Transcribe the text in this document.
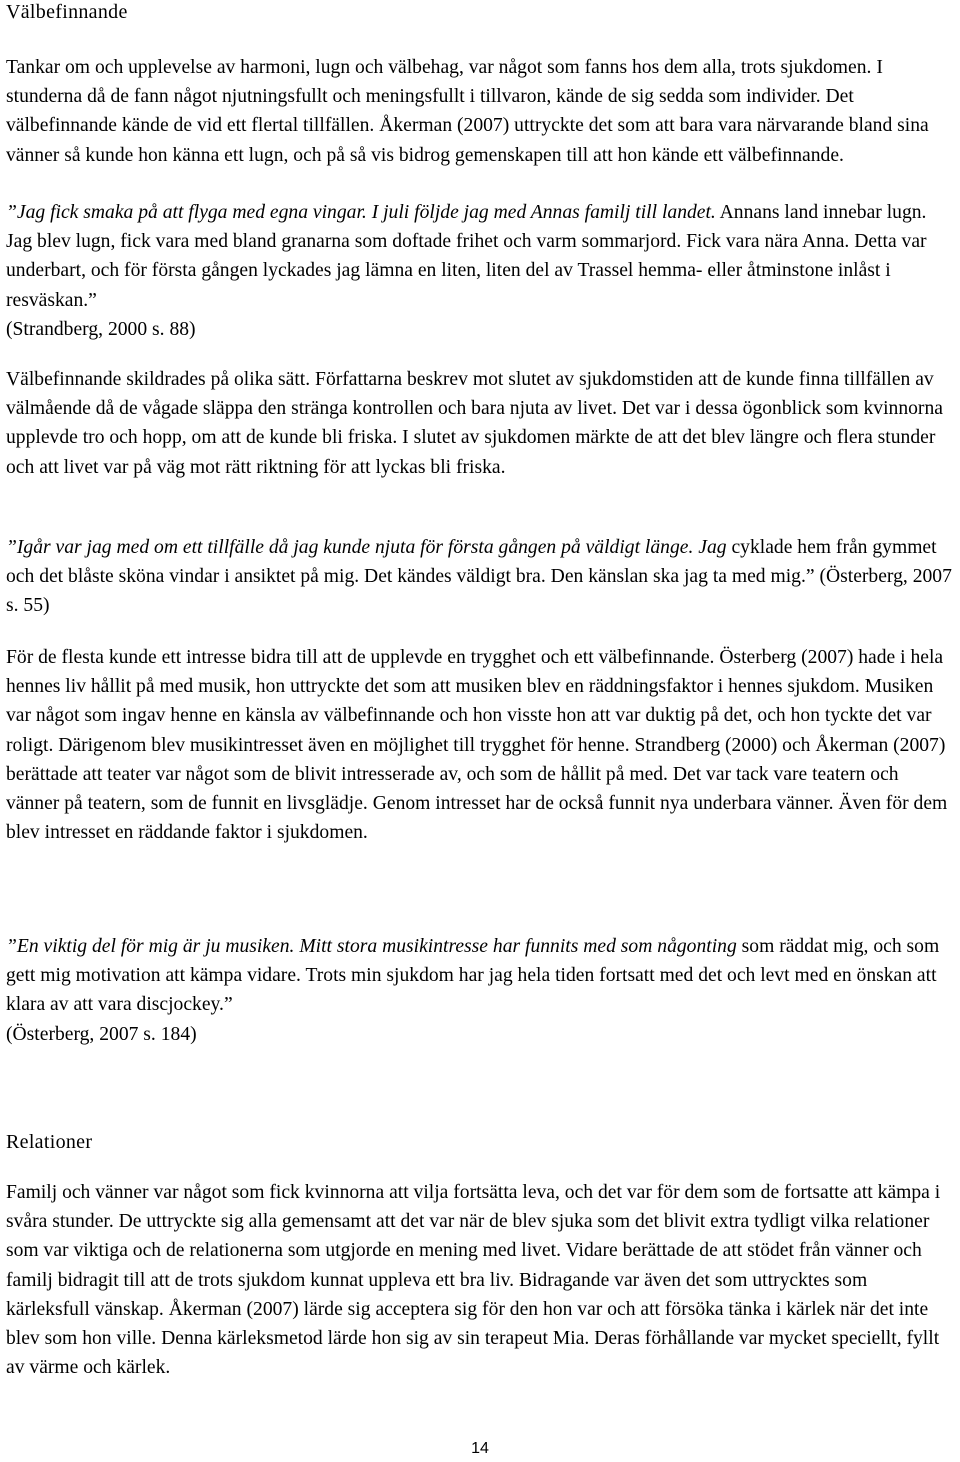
Välbefinnande

Tankar om och upplevelse av harmoni, lugn och välbehag, var något som fanns hos dem alla, trots sjukdomen. I stunderna då de fann något njutningsfullt och meningsfullt i tillvaron, kände de sig sedda som individer. Det välbefinnande kände de vid ett flertal tillfällen. Åkerman (2007) uttryckte det som att bara vara närvarande bland sina vänner så kunde hon känna ett lugn, och på så vis bidrog gemenskapen till att hon kände ett välbefinnande.

”Jag fick smaka på att flyga med egna vingar. I juli följde jag med Annas familj till landet. Annans land innebar lugn. Jag blev lugn, fick vara med bland granarna som doftade frihet och varm sommarjord. Fick vara nära Anna. Detta var underbart, och för första gången lyckades jag lämna en liten, liten del av Trassel hemma- eller åtminstone inlåst i resväskan.”
(Strandberg, 2000 s. 88)

Välbefinnande skildrades på olika sätt. Författarna beskrev mot slutet av sjukdomstiden att de kunde finna tillfällen av välmående då de vågade släppa den stränga kontrollen och bara njuta av livet. Det var i dessa ögonblick som kvinnorna upplevde tro och hopp, om att de kunde bli friska. I slutet av sjukdomen märkte de att det blev längre och flera stunder och att livet var på väg mot rätt riktning för att lyckas bli friska.

”Igår var jag med om ett tillfälle då jag kunde njuta för första gången på väldigt länge. Jag cyklade hem från gymmet och det blåste sköna vindar i ansiktet på mig. Det kändes väldigt bra. Den känslan ska jag ta med mig.” (Österberg, 2007 s. 55)

För de flesta kunde ett intresse bidra till att de upplevde en trygghet och ett välbefinnande. Österberg (2007) hade i hela hennes liv hållit på med musik, hon uttryckte det som att musiken blev en räddningsfaktor i hennes sjukdom. Musiken var något som ingav henne en känsla av välbefinnande och hon visste hon att var duktig på det, och hon tyckte det var roligt. Därigenom blev musikintresset även en möjlighet till trygghet för henne. Strandberg (2000) och Åkerman (2007) berättade att teater var något som de blivit intresserade av, och som de hållit på med. Det var tack vare teatern och vänner på teatern, som de funnit en livsglädje. Genom intresset har de också funnit nya underbara vänner. Även för dem blev intresset en räddande faktor i sjukdomen.

”En viktig del för mig är ju musiken. Mitt stora musikintresse har funnits med som någonting som räddat mig, och som gett mig motivation att kämpa vidare. Trots min sjukdom har jag hela tiden fortsatt med det och levt med en önskan att klara av att vara discjockey.”
(Österberg, 2007 s. 184)

Relationer

Familj och vänner var något som fick kvinnorna att vilja fortsätta leva, och det var för dem som de fortsatte att kämpa i svåra stunder. De uttryckte sig alla gemensamt att det var när de blev sjuka som det blivit extra tydligt vilka relationer som var viktiga och de relationerna som utgjorde en mening med livet. Vidare berättade de att stödet från vänner och familj bidragit till att de trots sjukdom kunnat uppleva ett bra liv. Bidragande var även det som uttrycktes som kärleksfull vänskap. Åkerman (2007) lärde sig acceptera sig för den hon var och att försöka tänka i kärlek när det inte blev som hon ville. Denna kärleksmetod lärde hon sig av sin terapeut Mia. Deras förhållande var mycket speciellt, fyllt av värme och kärlek.

14
